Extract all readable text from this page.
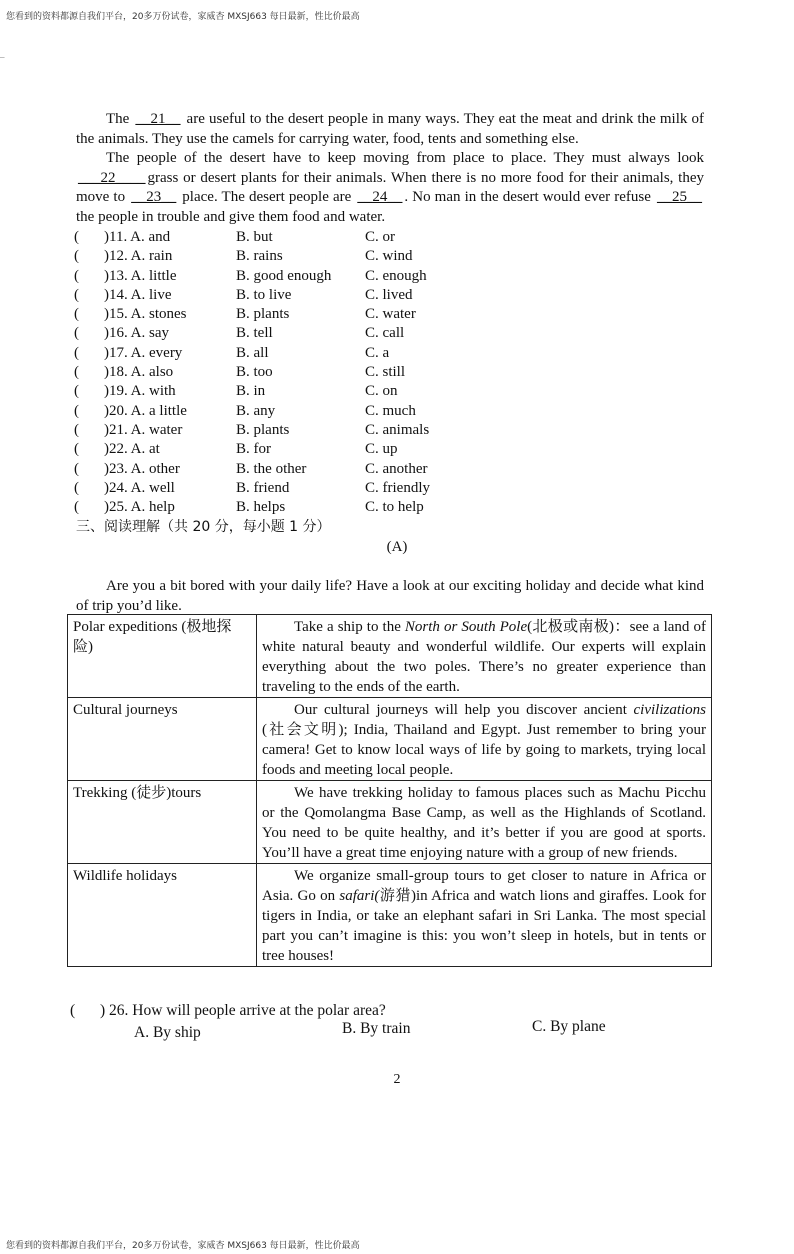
您看到的资料都源自我们平台，20多万份试卷，家威杏 MXSJ663 每日最新，性比价最高
–

The __21__ are useful to the desert people in many ways. They eat the meat and drink the milk of the animals. They use the camels for carrying water, food, tents and something else.

The people of the desert have to keep moving from place to place. They must always look ___22____ grass or desert plants for their animals. When there is no more food for their animals, they move to __23__ place. The desert people are __24__ . No man in the desert would ever refuse __25__ the people in trouble and give them food and water.

( )11. A. and	B. but	C. or
( )12. A. rain	B. rains	C. wind
( )13. A. little	B. good enough C. enough
( )14. A. live	B. to live	C. lived
( )15. A. stones	B. plants	C. water
( )16. A. say	B. tell	C. call
( )17. A. every	B. all	C. a
( )18. A. also	B. too	C. still
( )19. A. with	B. in	C. on
( )20. A. a little	B. any	C. much
( )21. A. water	B. plants	C. animals
( )22. A. at	B. for	C. up
( )23. A. other	B. the other	C. another
( )24. A. well	B. friend	C. friendly
( )25. A. help	B. helps	C. to help
三、阅读理解（共 20 分，每小题 1 分）
(A)

Are you a bit bored with your daily life? Have a look at our exciting holiday and decide what kind of trip you’d like.

Polar expeditions (极地探险)	Take a ship to the North or South Pole(北极或南极)：see a land of white natural beauty and wonderful wildlife. Our experts will explain everything about the two poles. There’s no greater experience than traveling to the ends of the earth.

Cultural journeys	Our cultural journeys will help you discover ancient civilizations (社会文明); India, Thailand and Egypt. Just remember to bring your camera! Get to know local ways of life by going to markets, trying local foods and meeting local people.

Trekking (徒步)tours	We have trekking holiday to famous places such as Machu Picchu or the Qomolangma Base Camp, as well as the Highlands of Scotland. You need to be quite healthy, and it’s better if you are good at sports. You’ll have a great time enjoying nature with a group of new friends.

Wildlife holidays	We organize small-group tours to get closer to nature in Africa or Asia. Go on safari(游猎)in Africa and watch lions and giraffes. Look for tigers in India, or take an elephant safari in Sri Lanka. The most special part you can’t imagine is this: you won’t sleep in hotels, but in tents or tree houses!
( ) 26. How will people arrive at the polar area?
A. By ship	B. By train	C. By plane
2
您看到的资料都源自我们平台，20多万份试卷，家威杏 MXSJ663 每日最新，性比价最高
